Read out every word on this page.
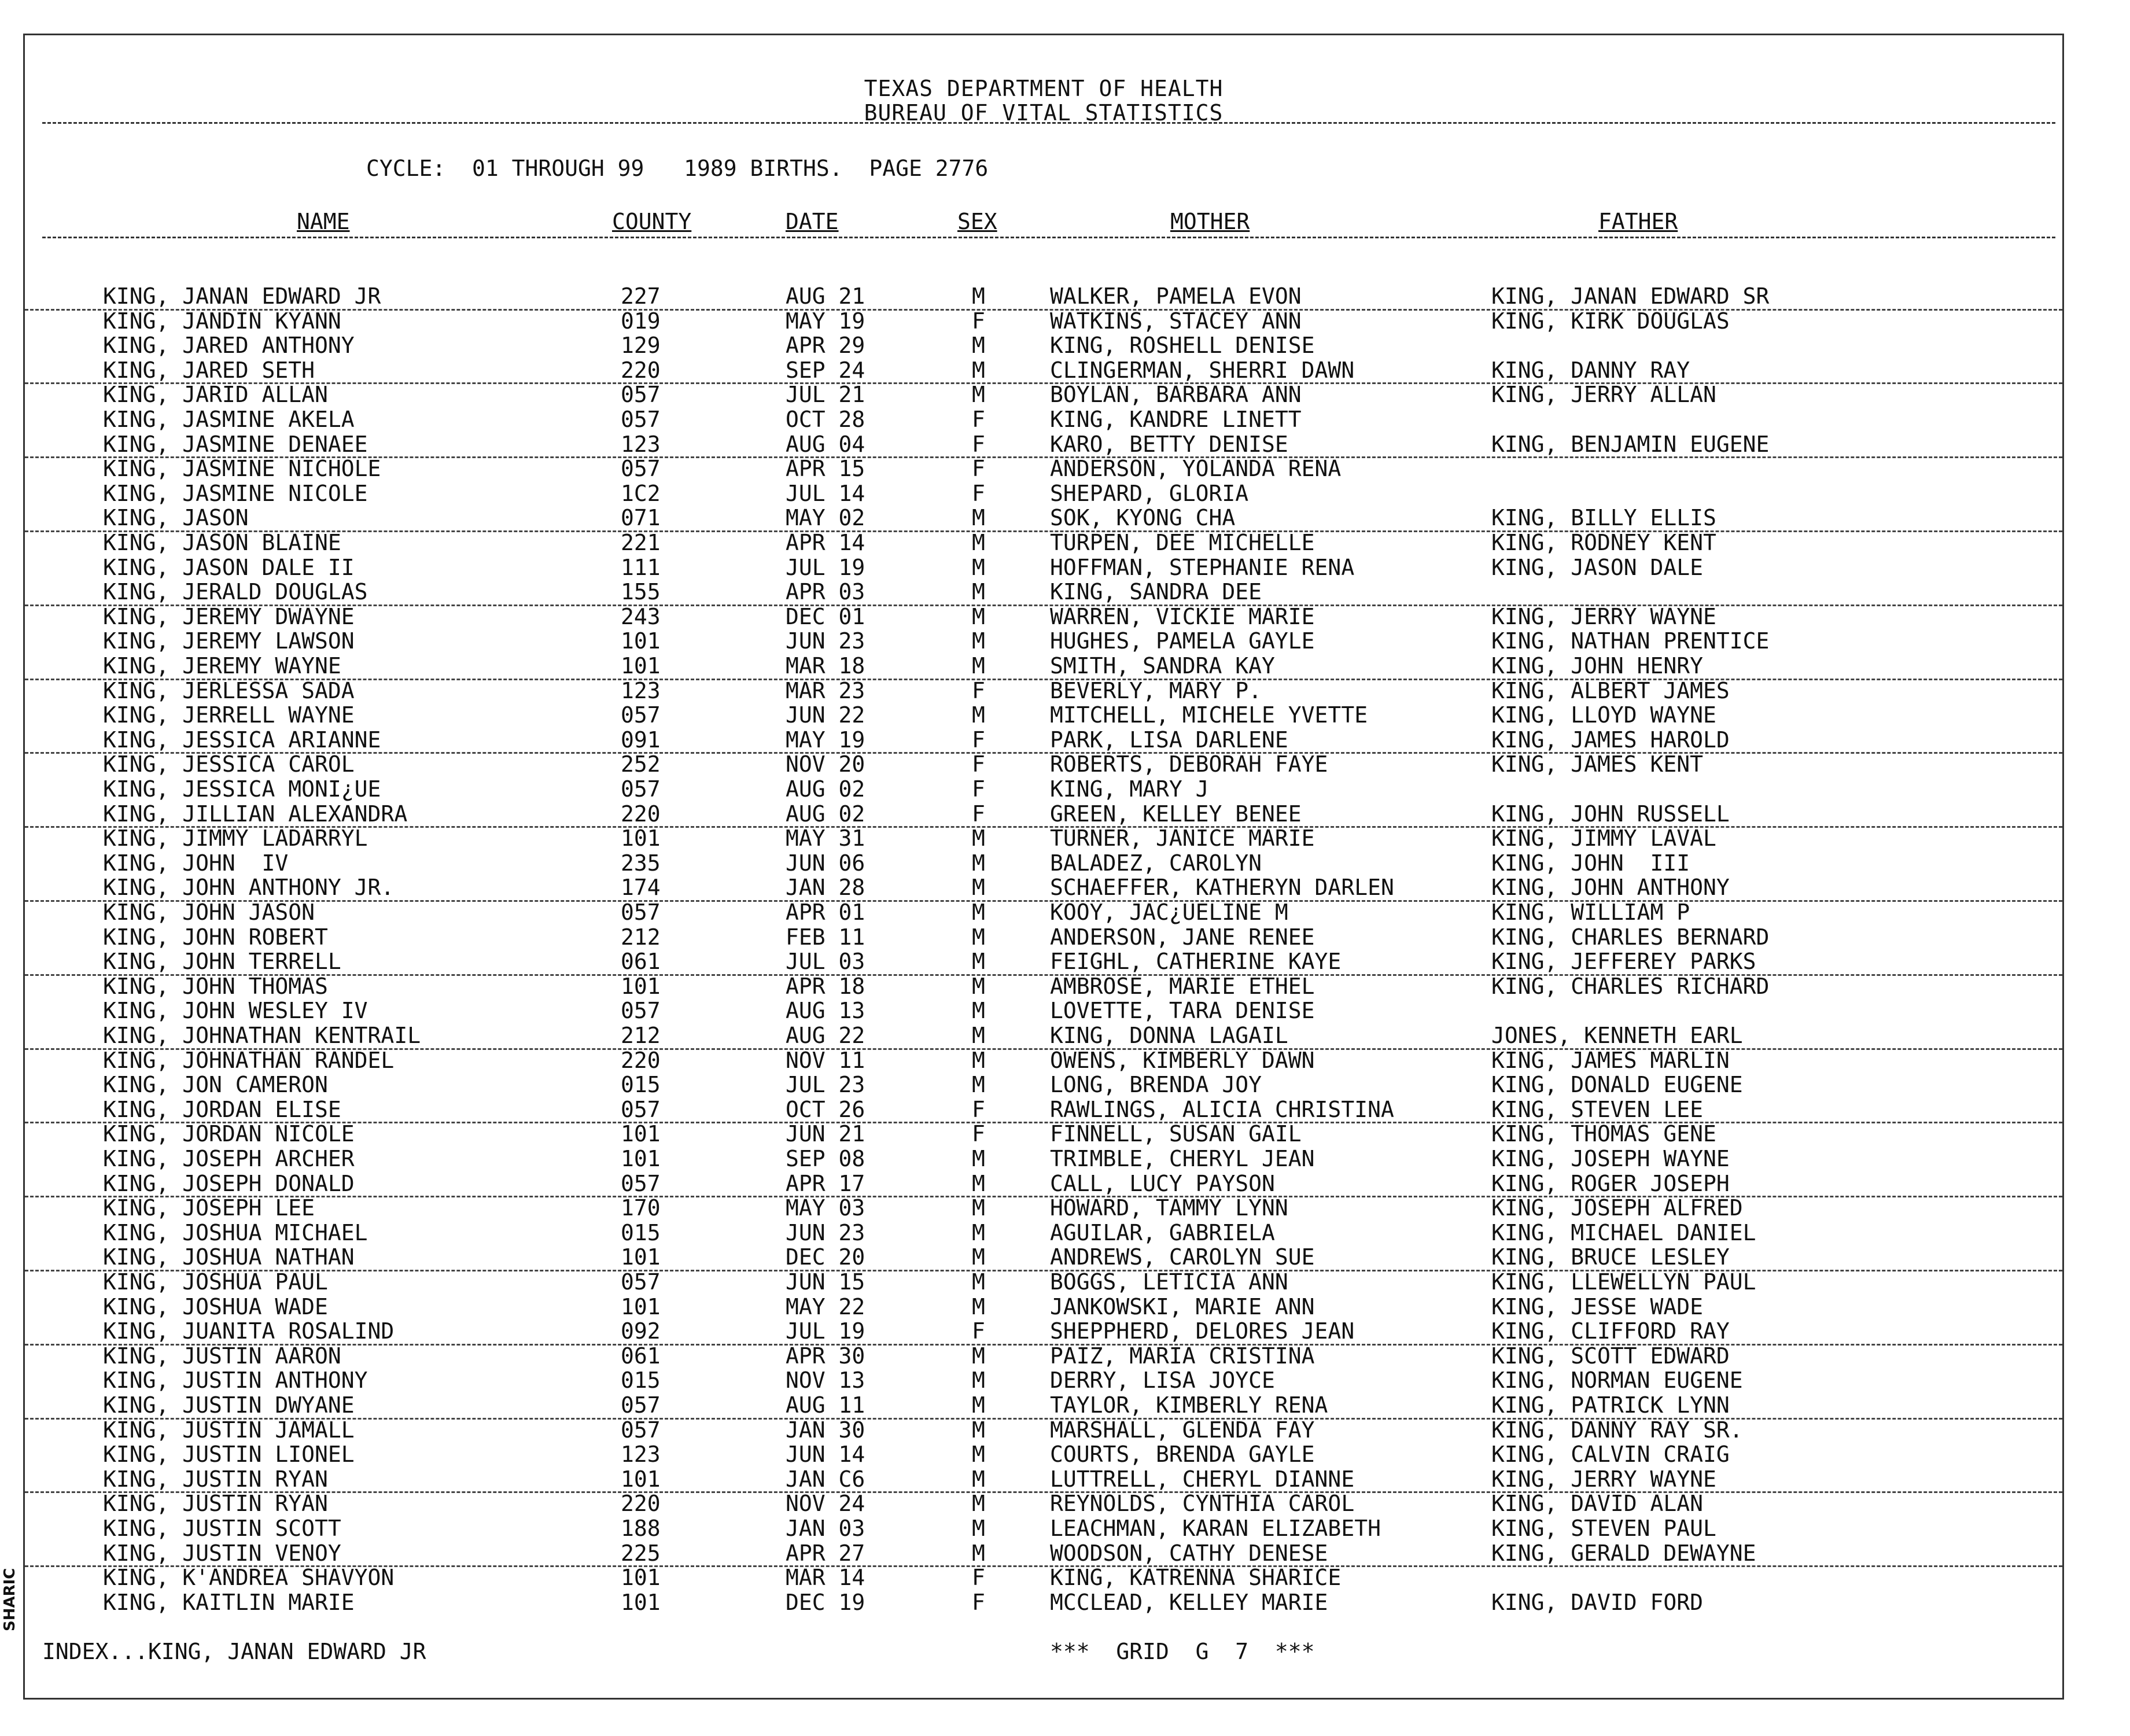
TEXAS DEPARTMENT OF HEALTH
BUREAU OF VITAL STATISTICS
CYCLE:  01 THROUGH 99   1989 BIRTHS.  PAGE 2776
NAME	COUNTY	DATE	SEX	MOTHER	FATHER
KING, JANAN EDWARD JR	227	AUG 21	M	WALKER, PAMELA EVON	KING, JANAN EDWARD SR
KING, JANDIN KYANN	019	MAY 19	F	WATKINS, STACEY ANN	KING, KIRK DOUGLAS
KING, JARED ANTHONY	129	APR 29	M	KING, ROSHELL DENISE
KING, JARED SETH	220	SEP 24	M	CLINGERMAN, SHERRI DAWN	KING, DANNY RAY
KING, JARID ALLAN	057	JUL 21	M	BOYLAN, BARBARA ANN	KING, JERRY ALLAN
KING, JASMINE AKELA	057	OCT 28	F	KING, KANDRE LINETT
KING, JASMINE DENAEE	123	AUG 04	F	KARO, BETTY DENISE	KING, BENJAMIN EUGENE
KING, JASMINE NICHOLE	057	APR 15	F	ANDERSON, YOLANDA RENA
KING, JASMINE NICOLE	1C2	JUL 14	F	SHEPARD, GLORIA
KING, JASON	071	MAY 02	M	SOK, KYONG CHA	KING, BILLY ELLIS
KING, JASON BLAINE	221	APR 14	M	TURPEN, DEE MICHELLE	KING, RODNEY KENT
KING, JASON DALE II	111	JUL 19	M	HOFFMAN, STEPHANIE RENA	KING, JASON DALE
KING, JERALD DOUGLAS	155	APR 03	M	KING, SANDRA DEE
KING, JEREMY DWAYNE	243	DEC 01	M	WARREN, VICKIE MARIE	KING, JERRY WAYNE
KING, JEREMY LAWSON	101	JUN 23	M	HUGHES, PAMELA GAYLE	KING, NATHAN PRENTICE
KING, JEREMY WAYNE	101	MAR 18	M	SMITH, SANDRA KAY	KING, JOHN HENRY
KING, JERLESSA SADA	123	MAR 23	F	BEVERLY, MARY P.	KING, ALBERT JAMES
KING, JERRELL WAYNE	057	JUN 22	M	MITCHELL, MICHELE YVETTE	KING, LLOYD WAYNE
KING, JESSICA ARIANNE	091	MAY 19	F	PARK, LISA DARLENE	KING, JAMES HAROLD
KING, JESSICA CAROL	252	NOV 20	F	ROBERTS, DEBORAH FAYE	KING, JAMES KENT
KING, JESSICA MONI¿UE	057	AUG 02	F	KING, MARY J
KING, JILLIAN ALEXANDRA	220	AUG 02	F	GREEN, KELLEY BENEE	KING, JOHN RUSSELL
KING, JIMMY LADARRYL	101	MAY 31	M	TURNER, JANICE MARIE	KING, JIMMY LAVAL
KING, JOHN  IV	235	JUN 06	M	BALADEZ, CAROLYN	KING, JOHN  III
KING, JOHN ANTHONY JR.	174	JAN 28	M	SCHAEFFER, KATHERYN DARLEN	KING, JOHN ANTHONY
KING, JOHN JASON	057	APR 01	M	KOOY, JAC¿UELINE M	KING, WILLIAM P
KING, JOHN ROBERT	212	FEB 11	M	ANDERSON, JANE RENEE	KING, CHARLES BERNARD
KING, JOHN TERRELL	061	JUL 03	M	FEIGHL, CATHERINE KAYE	KING, JEFFEREY PARKS
KING, JOHN THOMAS	101	APR 18	M	AMBROSE, MARIE ETHEL	KING, CHARLES RICHARD
KING, JOHN WESLEY IV	057	AUG 13	M	LOVETTE, TARA DENISE
KING, JOHNATHAN KENTRAIL	212	AUG 22	M	KING, DONNA LAGAIL	JONES, KENNETH EARL
KING, JOHNATHAN RANDEL	220	NOV 11	M	OWENS, KIMBERLY DAWN	KING, JAMES MARLIN
KING, JON CAMERON	015	JUL 23	M	LONG, BRENDA JOY	KING, DONALD EUGENE
KING, JORDAN ELISE	057	OCT 26	F	RAWLINGS, ALICIA CHRISTINA	KING, STEVEN LEE
KING, JORDAN NICOLE	101	JUN 21	F	FINNELL, SUSAN GAIL	KING, THOMAS GENE
KING, JOSEPH ARCHER	101	SEP 08	M	TRIMBLE, CHERYL JEAN	KING, JOSEPH WAYNE
KING, JOSEPH DONALD	057	APR 17	M	CALL, LUCY PAYSON	KING, ROGER JOSEPH
KING, JOSEPH LEE	170	MAY 03	M	HOWARD, TAMMY LYNN	KING, JOSEPH ALFRED
KING, JOSHUA MICHAEL	015	JUN 23	M	AGUILAR, GABRIELA	KING, MICHAEL DANIEL
KING, JOSHUA NATHAN	101	DEC 20	M	ANDREWS, CAROLYN SUE	KING, BRUCE LESLEY
KING, JOSHUA PAUL	057	JUN 15	M	BOGGS, LETICIA ANN	KING, LLEWELLYN PAUL
KING, JOSHUA WADE	101	MAY 22	M	JANKOWSKI, MARIE ANN	KING, JESSE WADE
KING, JUANITA ROSALIND	092	JUL 19	F	SHEPPHERD, DELORES JEAN	KING, CLIFFORD RAY
KING, JUSTIN AARON	061	APR 30	M	PAIZ, MARIA CRISTINA	KING, SCOTT EDWARD
KING, JUSTIN ANTHONY	015	NOV 13	M	DERRY, LISA JOYCE	KING, NORMAN EUGENE
KING, JUSTIN DWYANE	057	AUG 11	M	TAYLOR, KIMBERLY RENA	KING, PATRICK LYNN
KING, JUSTIN JAMALL	057	JAN 30	M	MARSHALL, GLENDA FAY	KING, DANNY RAY SR.
KING, JUSTIN LIONEL	123	JUN 14	M	COURTS, BRENDA GAYLE	KING, CALVIN CRAIG
KING, JUSTIN RYAN	101	JAN C6	M	LUTTRELL, CHERYL DIANNE	KING, JERRY WAYNE
KING, JUSTIN RYAN	220	NOV 24	M	REYNOLDS, CYNTHIA CAROL	KING, DAVID ALAN
KING, JUSTIN SCOTT	188	JAN 03	M	LEACHMAN, KARAN ELIZABETH	KING, STEVEN PAUL
KING, JUSTIN VENOY	225	APR 27	M	WOODSON, CATHY DENESE	KING, GERALD DEWAYNE
KING, K'ANDREA SHAVYON	101	MAR 14	F	KING, KATRENNA SHARICE
KING, KAITLIN MARIE	101	DEC 19	F	MCCLEAD, KELLEY MARIE	KING, DAVID FORD
INDEX...KING, JANAN EDWARD JR	***  GRID  G  7  ***
SHARIC
